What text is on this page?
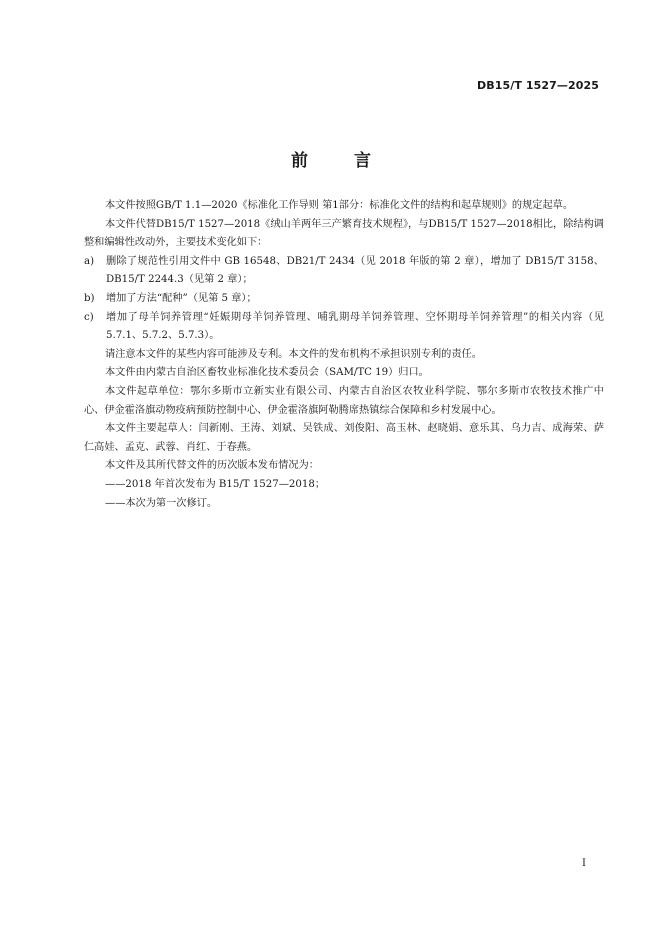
DB15/T 1527—2025
前 言

本文件按照GB/T 1.1—2020《标准化工作导则 第1部分：标准化文件的结构和起草规则》的规定起草。

本文件代替DB15/T 1527—2018《绒山羊两年三产繁育技术规程》，与DB15/T 1527—2018相比，除结构调整和编辑性改动外，主要技术变化如下：

a)	删除了规范性引用文件中 GB 16548、DB21/T 2434（见 2018 年版的第 2 章），增加了 DB15/T 3158、DB15/T 2244.3（见第 2 章）；
b)	增加了方法“配种”（见第 5 章）；
c)	增加了母羊饲养管理“妊娠期母羊饲养管理、哺乳期母羊饲养管理、空怀期母羊饲养管理”的相关内容（见 5.7.1、5.7.2、5.7.3）。

请注意本文件的某些内容可能涉及专利。本文件的发布机构不承担识别专利的责任。

本文件由内蒙古自治区畜牧业标准化技术委员会（SAM/TC 19）归口。

本文件起草单位：鄂尔多斯市立新实业有限公司、内蒙古自治区农牧业科学院、鄂尔多斯市农牧技术推广中心、伊金霍洛旗动物疫病预防控制中心、伊金霍洛旗阿勒腾席热镇综合保障和乡村发展中心。

本文件主要起草人：闫新刚、王涛、刘斌、吴铁成、刘俊阳、高玉林、赵晓娟、意乐其、乌力吉、成海荣、萨仁高娃、孟克、武蓉、肖红、于春燕。

本文件及其所代替文件的历次版本发布情况为：

——2018 年首次发布为 B15/T 1527—2018；

——本次为第一次修订。

I
